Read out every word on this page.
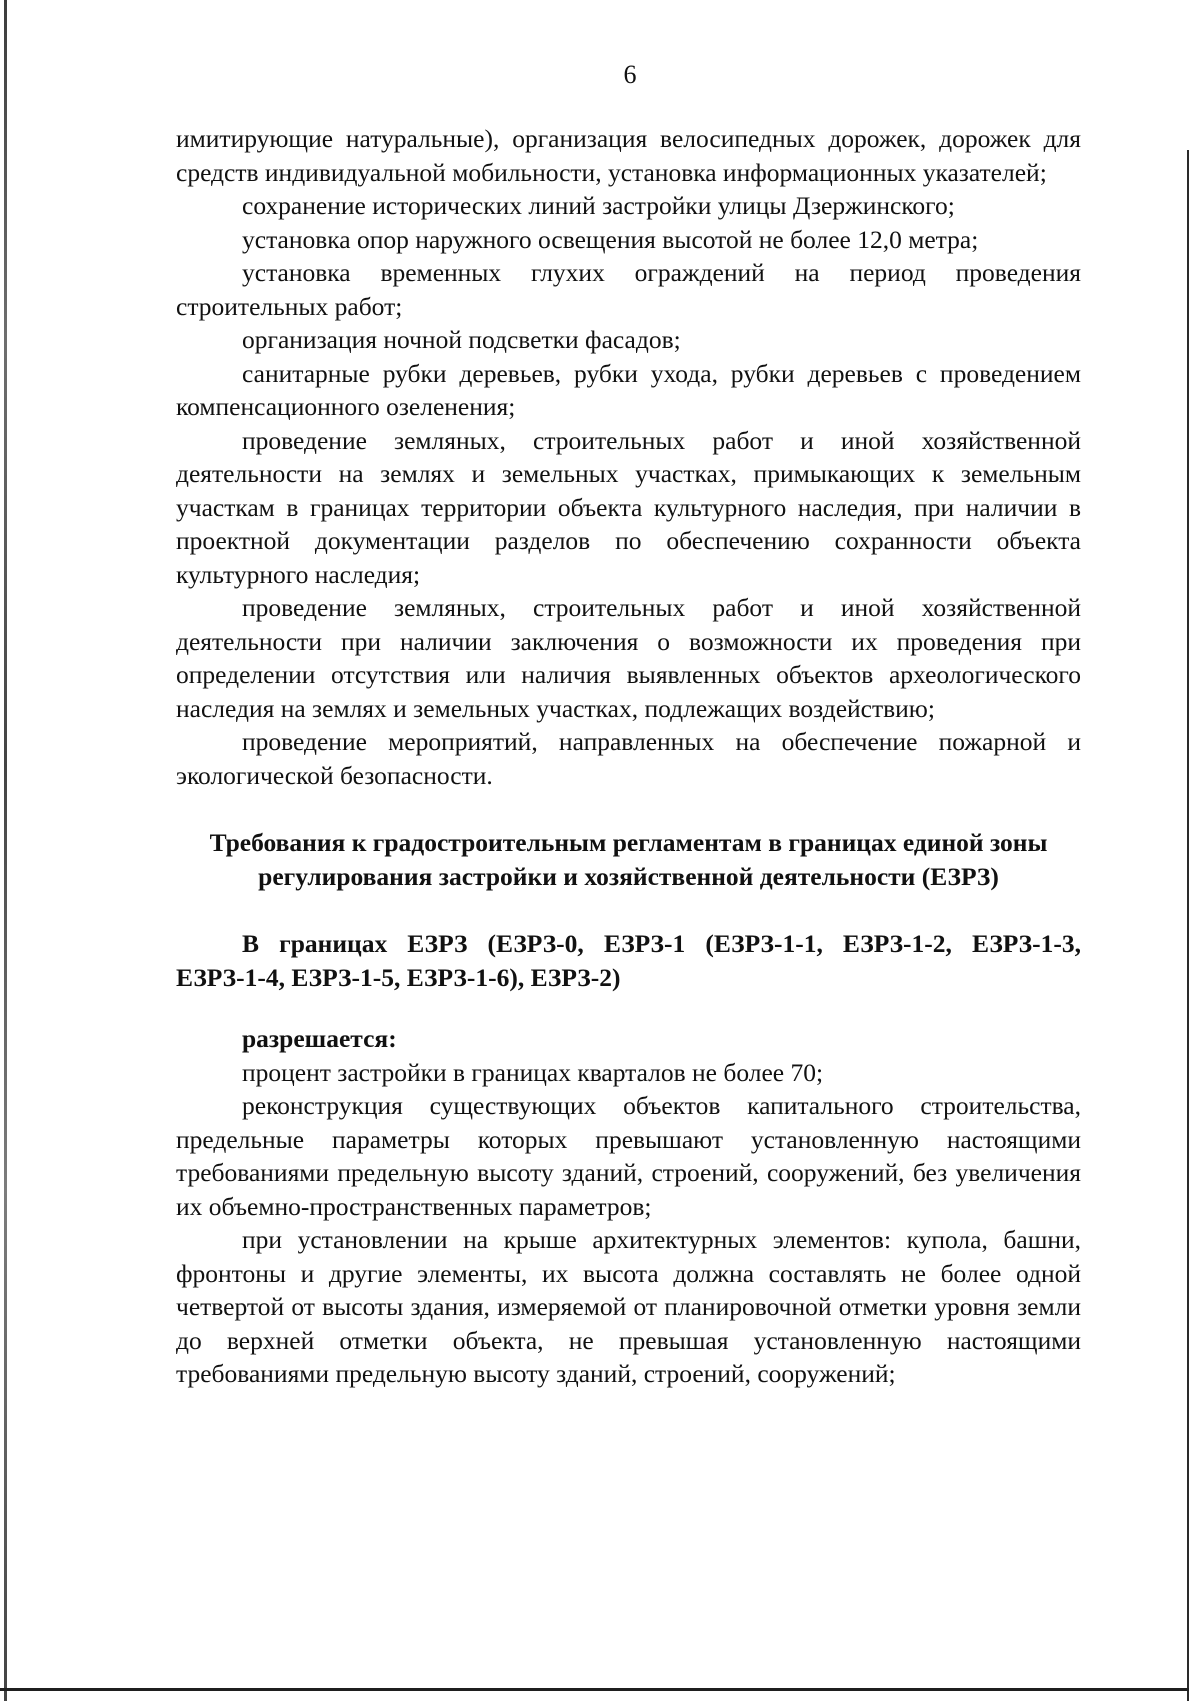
6

имитирующие натуральные), организация велосипедных дорожек, дорожек для средств индивидуальной мобильности, установка информационных указателей;

сохранение исторических линий застройки улицы Дзержинского;

установка опор наружного освещения высотой не более 12,0 метра;

установка временных глухих ограждений на период проведения строительных работ;

организация ночной подсветки фасадов;

санитарные рубки деревьев, рубки ухода, рубки деревьев с проведением компенсационного озеленения;

проведение земляных, строительных работ и иной хозяйственной деятельности на землях и земельных участках, примыкающих к земельным участкам в границах территории объекта культурного наследия, при наличии в проектной документации разделов по обеспечению сохранности объекта культурного наследия;

проведение земляных, строительных работ и иной хозяйственной деятельности при наличии заключения о возможности их проведения при определении отсутствия или наличия выявленных объектов археологического наследия на землях и земельных участках, подлежащих воздействию;

проведение мероприятий, направленных на обеспечение пожарной и экологической безопасности.

Требования к градостроительным регламентам в границах единой зоны регулирования застройки и хозяйственной деятельности (ЕЗРЗ)

В границах ЕЗРЗ (ЕЗРЗ-0, ЕЗРЗ-1 (ЕЗРЗ-1-1, ЕЗРЗ-1-2, ЕЗРЗ-1-3, ЕЗРЗ-1-4, ЕЗРЗ-1-5, ЕЗРЗ-1-6), ЕЗРЗ-2)

разрешается:

процент застройки в границах кварталов не более 70;

реконструкция существующих объектов капитального строительства, предельные параметры которых превышают установленную настоящими требованиями предельную высоту зданий, строений, сооружений, без увеличения их объемно-пространственных параметров;

при установлении на крыше архитектурных элементов: купола, башни, фронтоны и другие элементы, их высота должна составлять не более одной четвертой от высоты здания, измеряемой от планировочной отметки уровня земли до верхней отметки объекта, не превышая установленную настоящими требованиями предельную высоту зданий, строений, сооружений;
